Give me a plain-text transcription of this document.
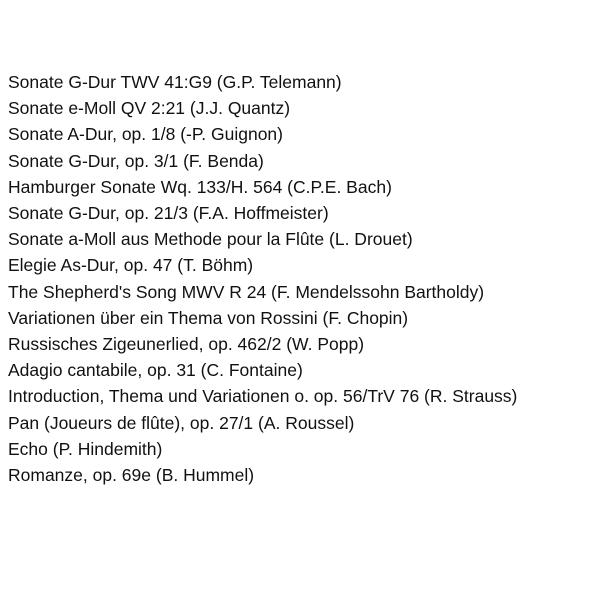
Sonate G-Dur TWV 41:G9 (G.P. Telemann)
Sonate e-Moll QV 2:21 (J.J. Quantz)
Sonate A-Dur, op. 1/8 (-P. Guignon)
Sonate G-Dur, op. 3/1 (F. Benda)
Hamburger Sonate Wq. 133/H. 564 (C.P.E. Bach)
Sonate G-Dur, op. 21/3 (F.A. Hoffmeister)
Sonate a-Moll aus Methode pour la Flûte (L. Drouet)
Elegie As-Dur, op. 47 (T. Böhm)
The Shepherd's Song MWV R 24 (F. Mendelssohn Bartholdy)
Variationen über ein Thema von Rossini (F. Chopin)
Russisches Zigeunerlied, op. 462/2 (W. Popp)
Adagio cantabile, op. 31 (C. Fontaine)
Introduction, Thema und Variationen o. op. 56/TrV 76 (R. Strauss)
Pan (Joueurs de flûte), op. 27/1 (A. Roussel)
Echo (P. Hindemith)
Romanze, op. 69e (B. Hummel)
